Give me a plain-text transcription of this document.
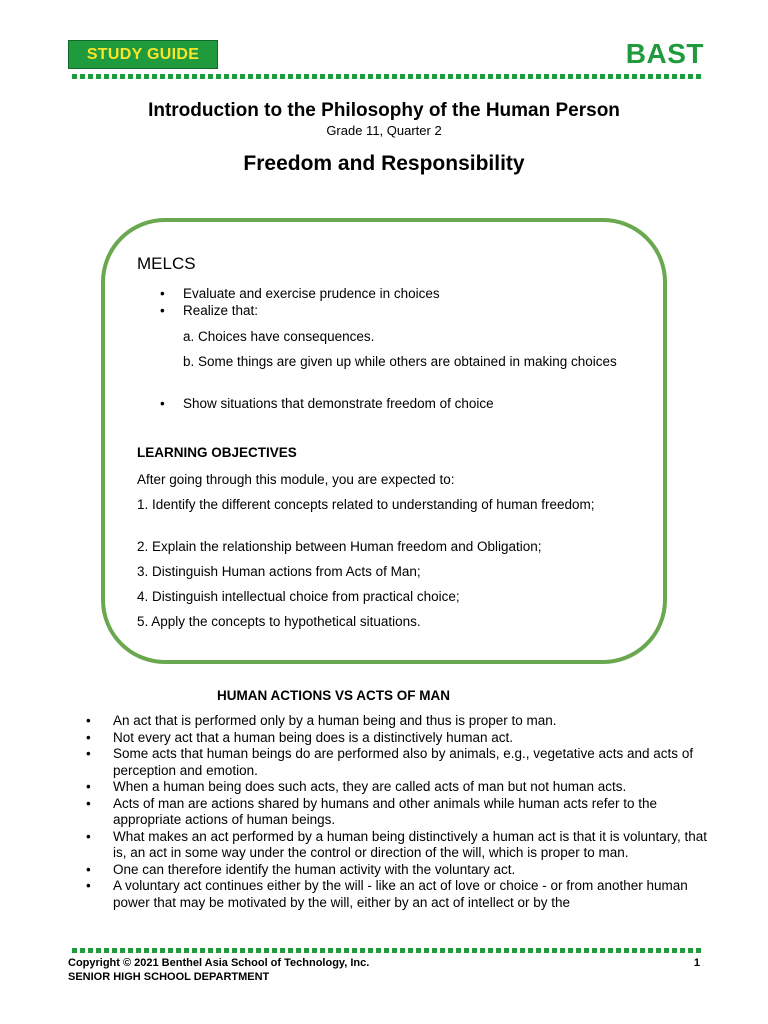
STUDY GUIDE	BAST
Introduction to the Philosophy of the Human Person
Grade 11, Quarter 2
Freedom and Responsibility
MELCS
• Evaluate and exercise prudence in choices
• Realize that:
a. Choices have consequences.
b. Some things are given up while others are obtained in making choices
• Show situations that demonstrate freedom of choice
LEARNING OBJECTIVES
After going through this module, you are expected to:
1. Identify the different concepts related to understanding of human freedom;
2. Explain the relationship between Human freedom and Obligation;
3. Distinguish Human actions from Acts of Man;
4. Distinguish intellectual choice from practical choice;
5. Apply the concepts to hypothetical situations.
HUMAN ACTIONS VS ACTS OF MAN
•	An act that is performed only by a human being and thus is proper to man.
•	Not every act that a human being does is a distinctively human act.
•	Some acts that human beings do are performed also by animals, e.g., vegetative acts and acts of perception and emotion.
•	When a human being does such acts, they are called acts of man but not human acts.
•	Acts of man are actions shared by humans and other animals while human acts refer to the appropriate actions of human beings.
•	What makes an act performed by a human being distinctively a human act is that it is voluntary, that is, an act in some way under the control or direction of the will, which is proper to man.
•	One can therefore identify the human activity with the voluntary act.
•	A voluntary act continues either by the will - like an act of love or choice - or from another human power that may be motivated by the will, either by an act of intellect or by the
Copyright © 2021 Benthel Asia School of Technology, Inc.
SENIOR HIGH SCHOOL DEPARTMENT
1
